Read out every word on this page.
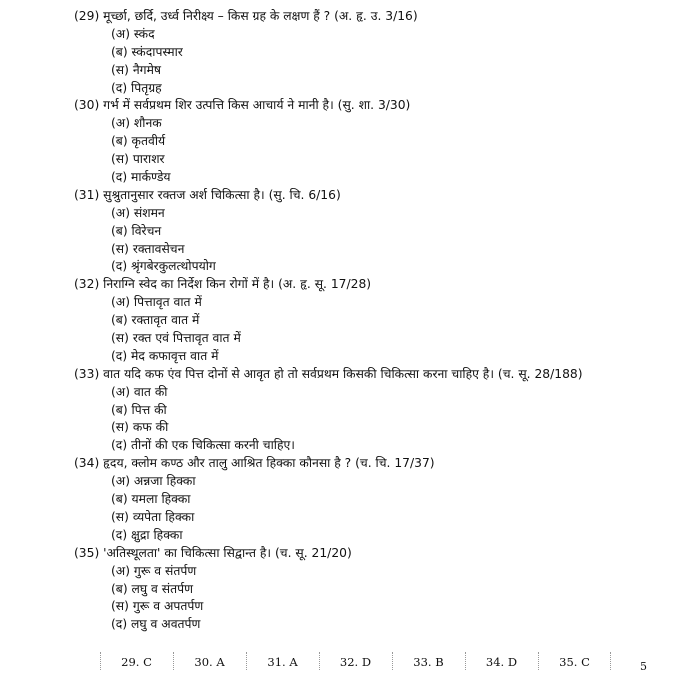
(29) मूर्च्छा, छर्दि, उर्ध्व निरीक्ष्य – किस ग्रह के लक्षण हैं ? (अ. हृ. उ. 3/16)
(अ) स्कंद
(ब) स्कंदापस्मार
(स) नैगमेष
(द) पितृग्रह
(30) गर्भ में सर्वप्रथम शिर उत्पत्ति किस आचार्य ने मानी है। (सु. शा. 3/30)
(अ) शौनक
(ब) कृतवीर्य
(स) पाराशर
(द) मार्कण्डेय
(31) सुश्रुतानुसार रक्तज अर्श चिकित्सा है। (सु. चि. 6/16)
(अ) संशमन
(ब) विरेचन
(स) रक्तावसेचन
(द) श्रृंगबेरकुलत्थोपयोग
(32) निराग्नि स्वेद का निर्देश किन रोगों में है। (अ. हृ. सू. 17/28)
(अ) पित्तावृत वात में
(ब) रक्तावृत वात में
(स) रक्त एवं पित्तावृत वात में
(द) मेद कफावृत्त वात में
(33) वात यदि कफ एंव पित्त दोनों से आवृत हो तो सर्वप्रथम किसकी चिकित्सा करना चाहिए है। (च. सू. 28/188)
(अ) वात की
(ब) पित्त की
(स) कफ की
(द) तीनों की एक चिकित्सा करनी चाहिए।
(34) हृदय, क्लोम कण्ठ और तालु आश्रित हिक्का कौनसा है ? (च. चि. 17/37)
(अ) अन्नजा हिक्का
(ब) यमला हिक्का
(स) व्यपेता हिक्का
(द) क्षुद्रा हिक्का
(35) 'अतिस्थूलता' का चिकित्सा सिद्वान्त है। (च. सू. 21/20)
(अ) गुरू व संतर्पण
(ब) लघु व संतर्पण
(स) गुरू व अपतर्पण
(द) लघु व अवतर्पण
29. C	30. A	31. A	32. D	33. B	34. D	35. C	5
